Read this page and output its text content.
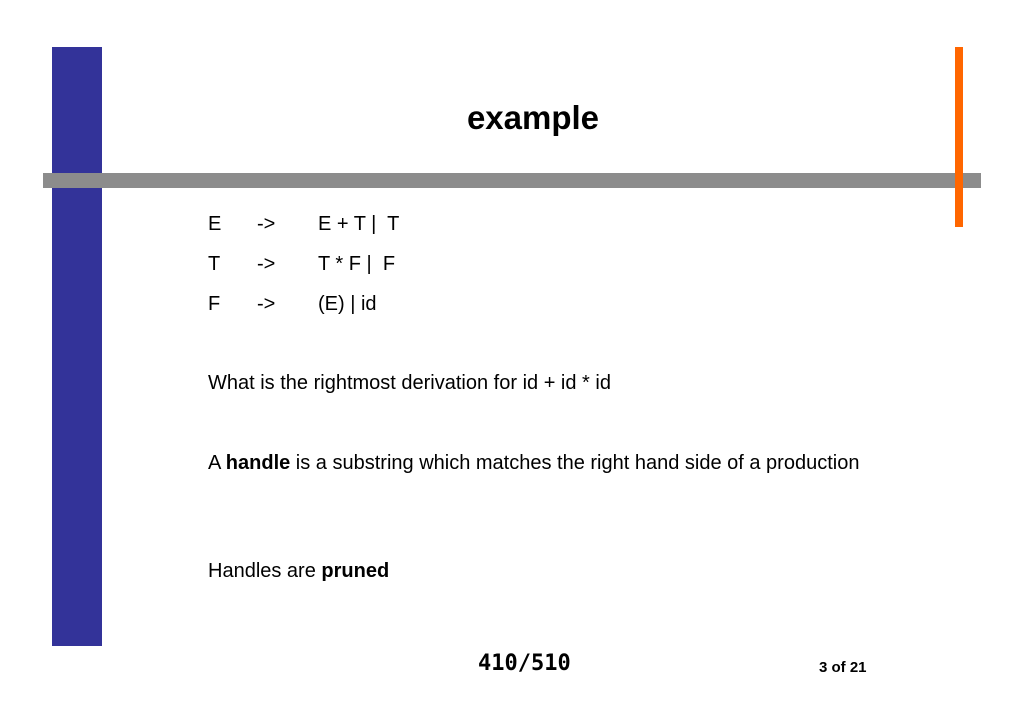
example
E -> E + T |  T
T -> T * F |  F
F -> (E) | id

What is the rightmost derivation for id + id * id

A handle is a substring which matches the right hand side of a production

Handles are pruned

410/510	3 of 21
